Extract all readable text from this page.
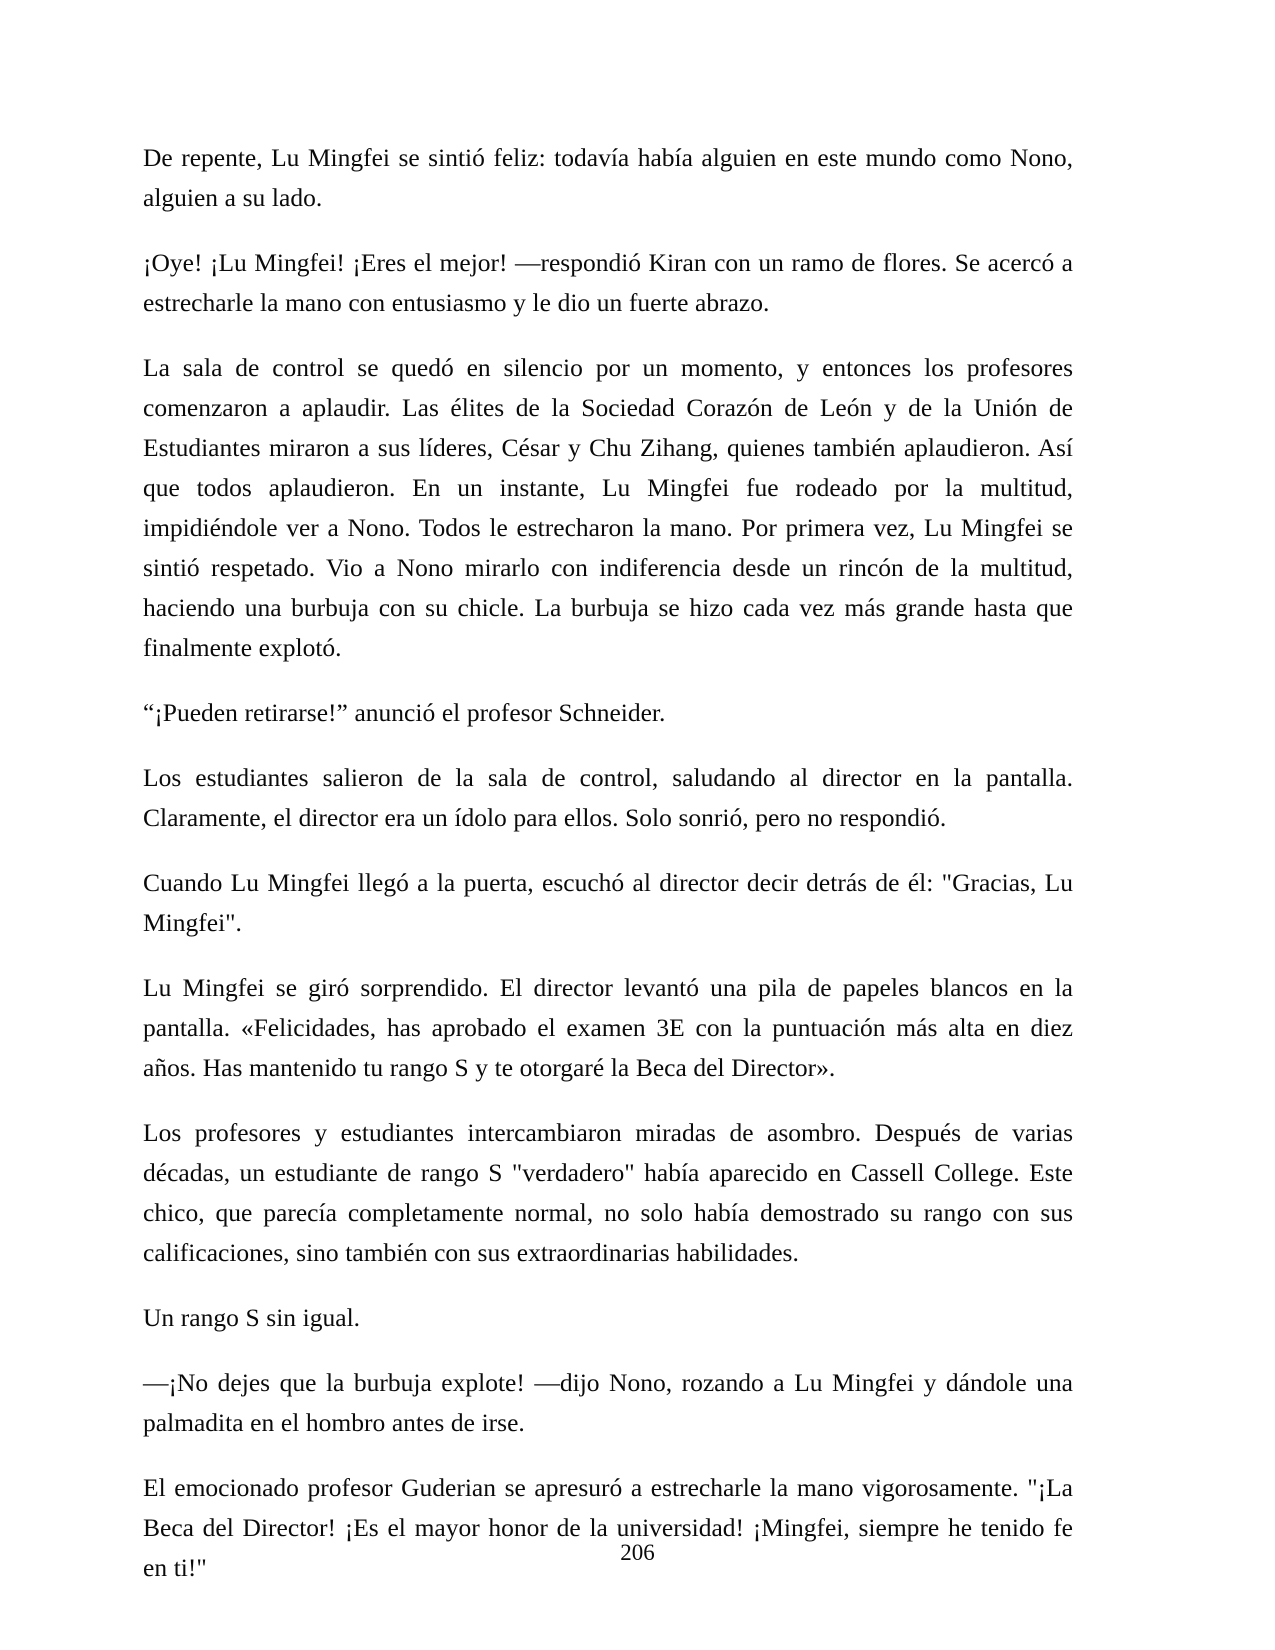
De repente, Lu Mingfei se sintió feliz: todavía había alguien en este mundo como Nono, alguien a su lado.

¡Oye! ¡Lu Mingfei! ¡Eres el mejor! —respondió Kiran con un ramo de flores. Se acercó a estrecharle la mano con entusiasmo y le dio un fuerte abrazo.

La sala de control se quedó en silencio por un momento, y entonces los profesores comenzaron a aplaudir. Las élites de la Sociedad Corazón de León y de la Unión de Estudiantes miraron a sus líderes, César y Chu Zihang, quienes también aplaudieron. Así que todos aplaudieron. En un instante, Lu Mingfei fue rodeado por la multitud, impidiéndole ver a Nono. Todos le estrecharon la mano. Por primera vez, Lu Mingfei se sintió respetado. Vio a Nono mirarlo con indiferencia desde un rincón de la multitud, haciendo una burbuja con su chicle. La burbuja se hizo cada vez más grande hasta que finalmente explotó.

“¡Pueden retirarse!” anunció el profesor Schneider.

Los estudiantes salieron de la sala de control, saludando al director en la pantalla. Claramente, el director era un ídolo para ellos. Solo sonrió, pero no respondió.

Cuando Lu Mingfei llegó a la puerta, escuchó al director decir detrás de él: "Gracias, Lu Mingfei".

Lu Mingfei se giró sorprendido. El director levantó una pila de papeles blancos en la pantalla. «Felicidades, has aprobado el examen 3E con la puntuación más alta en diez años. Has mantenido tu rango S y te otorgaré la Beca del Director».

Los profesores y estudiantes intercambiaron miradas de asombro. Después de varias décadas, un estudiante de rango S "verdadero" había aparecido en Cassell College. Este chico, que parecía completamente normal, no solo había demostrado su rango con sus calificaciones, sino también con sus extraordinarias habilidades.

Un rango S sin igual.

—¡No dejes que la burbuja explote! —dijo Nono, rozando a Lu Mingfei y dándole una palmadita en el hombro antes de irse.

El emocionado profesor Guderian se apresuró a estrecharle la mano vigorosamente. "¡La Beca del Director! ¡Es el mayor honor de la universidad! ¡Mingfei, siempre he tenido fe en ti!"

206
